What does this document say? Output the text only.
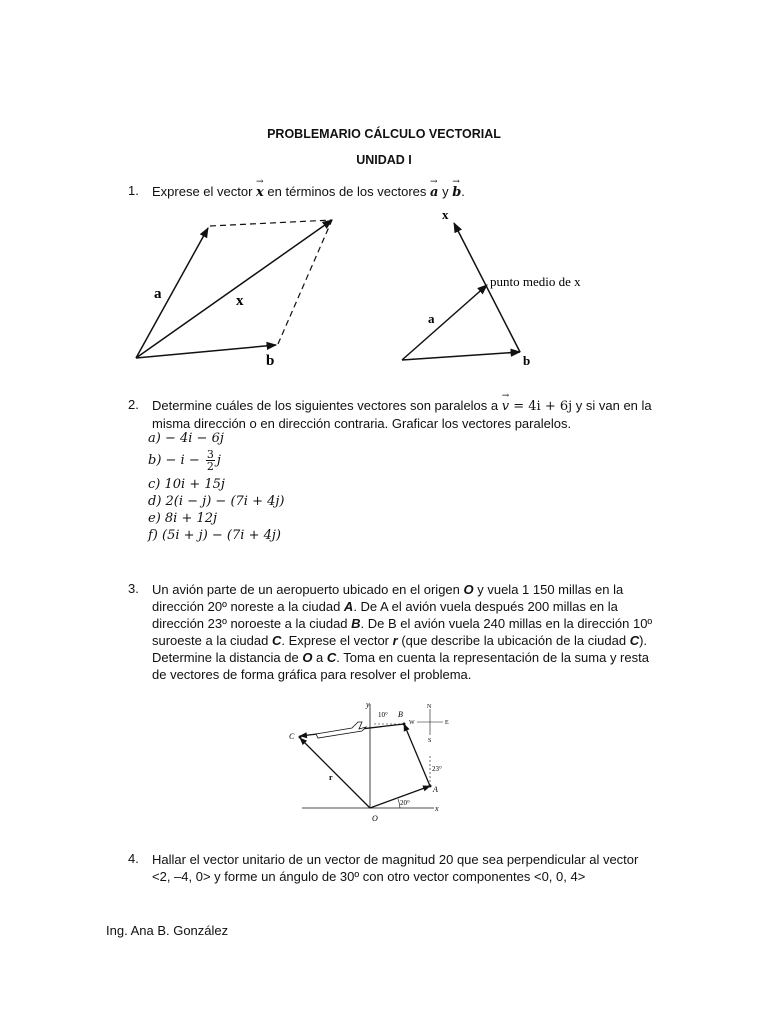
PROBLEMARIO CÁLCULO VECTORIAL
UNIDAD I
1. Exprese el vector x → en términos de los vectores a → y b →.
a	x
b
x
punto medio de x
a
b
2. Determine cuáles de los siguientes vectores son paralelos a v → = 4i + 6j y si van en la
misma dirección o en dirección contraria. Graficar los vectores paralelos.
a) − 4i − 6j
$b) - i - \frac{3}{2}$ j
c) 10i + 15j
d) 2(i − j) − (7i + 4j)
e) 8i + 12j
f) (5i + j) − (7i + 4j)
3. Un avión parte de un aeropuerto ubicado en el origen O y vuela 1 150 millas en la
dirección 20º noreste a la ciudad A. De A el avión vuela después 200 millas en la
dirección 23º noroeste a la ciudad B. De B el avión vuela 240 millas en la dirección 10º
suroeste a la ciudad C. Exprese el vector r (que describe la ubicación de la ciudad C).
Determine la distancia de O a C. Toma en cuenta la representación de la suma y resta
de vectores de forma gráfica para resolver el problema.
y
x
O
A
B
C
r
10°
23°
20°
N
S
E
W
4. Hallar el vector unitario de un vector de magnitud 20 que sea perpendicular al vector
<2, –4, 0> y forme un ángulo de 30º con otro vector componentes <0, 0, 4>
Ing. Ana B. González
